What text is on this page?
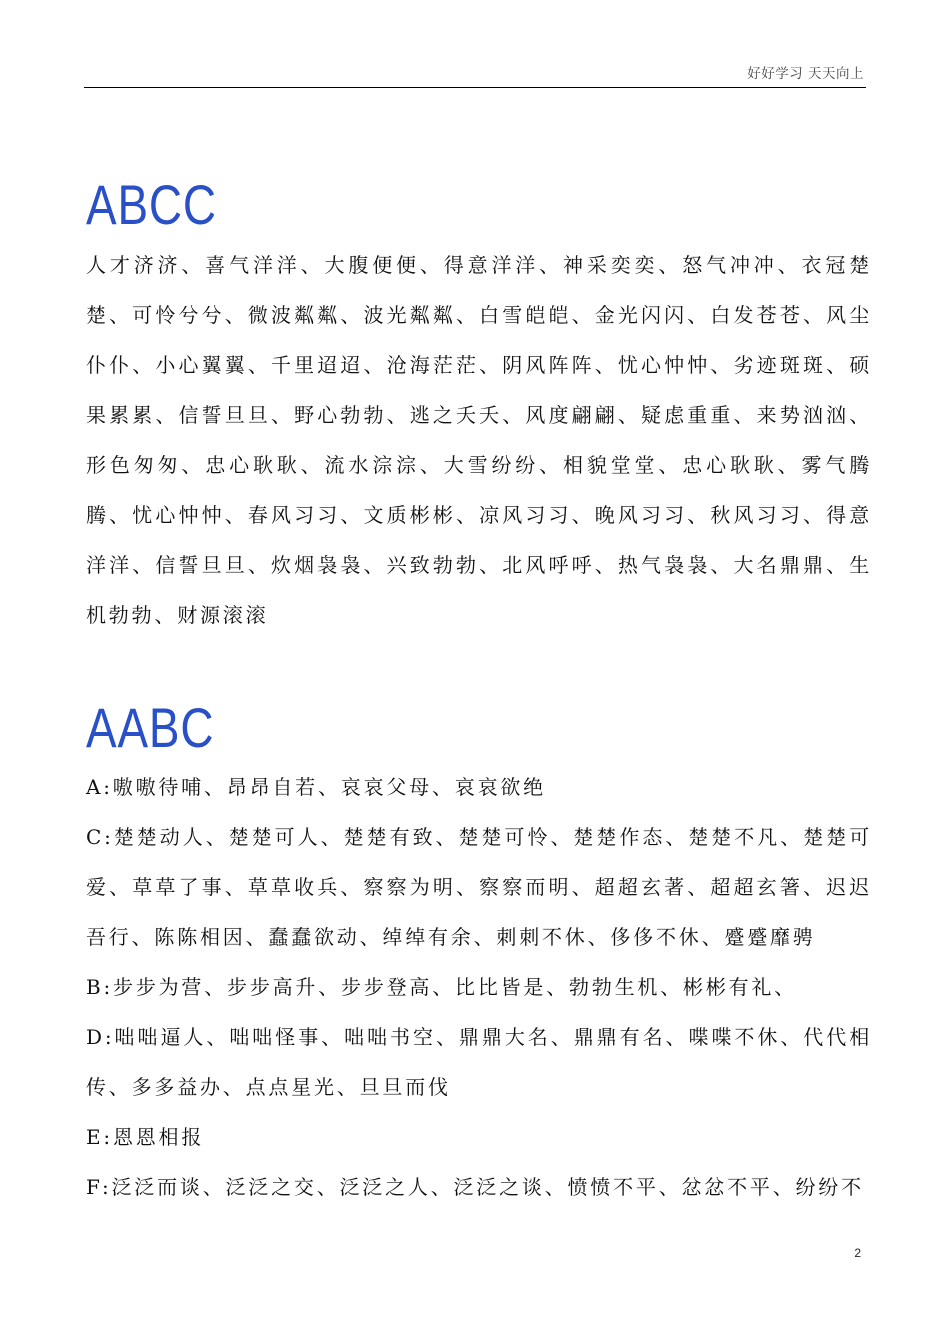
好好学习 天天向上
ABCC

人才济济、喜气洋洋、大腹便便、得意洋洋、神采奕奕、怒气冲冲、衣冠楚楚、可怜兮兮、微波粼粼、波光粼粼、白雪皑皑、金光闪闪、白发苍苍、风尘仆仆、小心翼翼、千里迢迢、沧海茫茫、阴风阵阵、忧心忡忡、劣迹斑斑、硕果累累、信誓旦旦、野心勃勃、逃之夭夭、风度翩翩、疑虑重重、来势汹汹、形色匆匆、忠心耿耿、流水淙淙、大雪纷纷、相貌堂堂、忠心耿耿、雾气腾腾、忧心忡忡、春风习习、文质彬彬、凉风习习、晚风习习、秋风习习、得意洋洋、信誓旦旦、炊烟袅袅、兴致勃勃、北风呼呼、热气袅袅、大名鼎鼎、生机勃勃、财源滚滚

AABC

A:嗷嗷待哺、昂昂自若、哀哀父母、哀哀欲绝

C:楚楚动人、楚楚可人、楚楚有致、楚楚可怜、楚楚作态、楚楚不凡、楚楚可爱、草草了事、草草收兵、察察为明、察察而明、超超玄著、超超玄箸、迟迟吾行、陈陈相因、蠢蠢欲动、绰绰有余、刺刺不休、侈侈不休、蹙蹙靡骋

B:步步为营、步步高升、步步登高、比比皆是、勃勃生机、彬彬有礼、

D:咄咄逼人、咄咄怪事、咄咄书空、鼎鼎大名、鼎鼎有名、喋喋不休、代代相传、多多益办、点点星光、旦旦而伐

E:恩恩相报

F:泛泛而谈、泛泛之交、泛泛之人、泛泛之谈、愤愤不平、忿忿不平、纷纷不

2
